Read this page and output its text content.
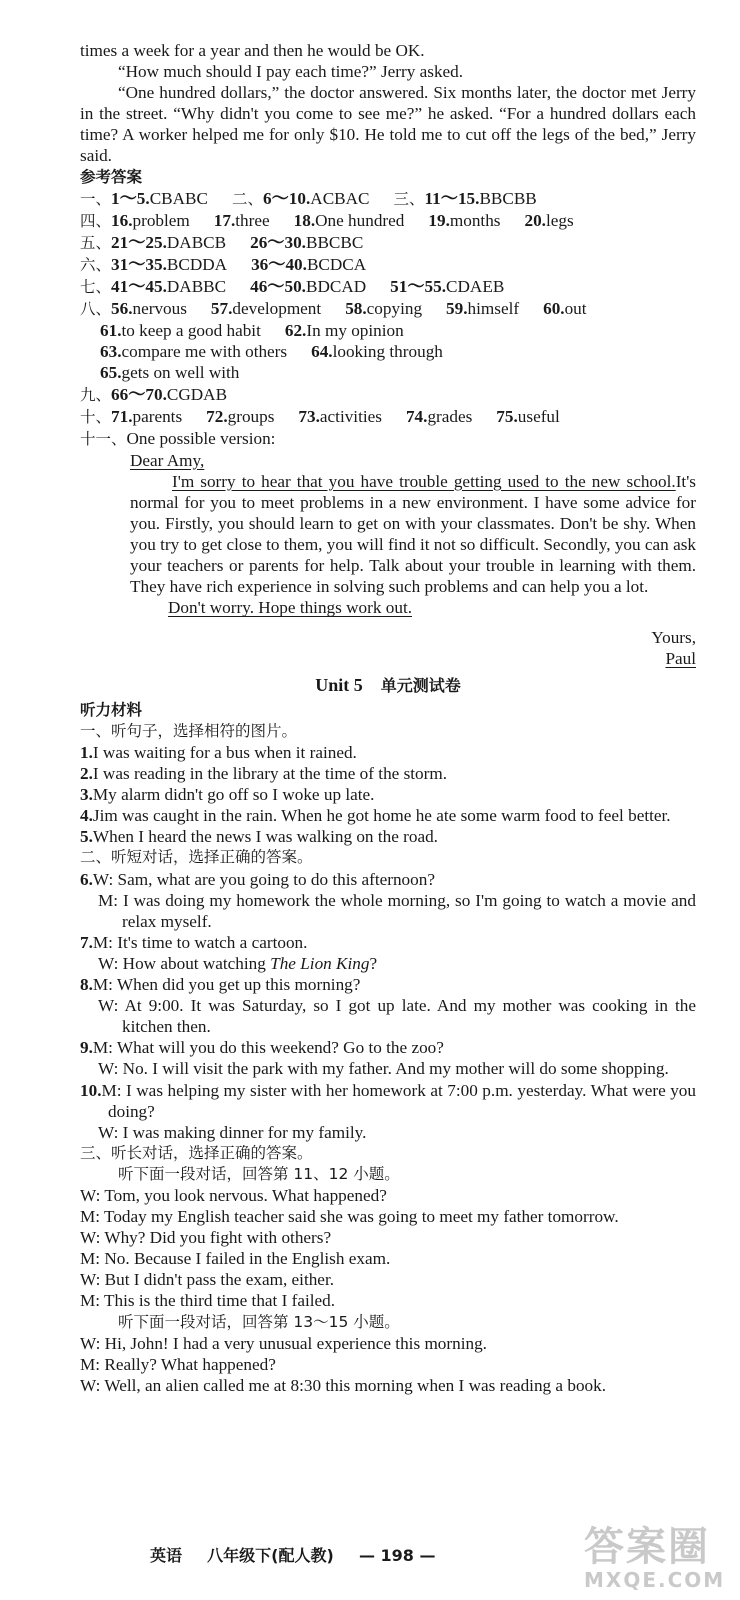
times a week for a year and then he would be OK.
“How much should I pay each time?” Jerry asked.
“One hundred dollars,” the doctor answered. Six months later, the doctor met Jerry in the street. “Why didn't you come to see me?” he asked. “For a hundred dollars each time? A worker helped me for only $10. He told me to cut off the legs of the bed,” Jerry said.
参考答案
一、1～5.CBABC 二、6～10.ACBAC 三、11～15.BBCBB
四、16.problem 17.three 18.One hundred 19.months 20.legs
五、21～25.DABCB 26～30.BBCBC
六、31～35.BCDDA 36～40.BCDCA
七、41～45.DABBC 46～50.BDCAD 51～55.CDAEB
八、56.nervous 57.development 58.copying 59.himself 60.out
61.to keep a good habit 62.In my opinion
63.compare me with others 64.looking through
65.gets on well with
九、66～70.CGDAB
十、71.parents 72.groups 73.activities 74.grades 75.useful
十一、One possible version:
Dear Amy,
I'm sorry to hear that you have trouble getting used to the new school.It's normal for you to meet problems in a new environment. I have some advice for you. Firstly, you should learn to get on with your classmates. Don't be shy. When you try to get close to them, you will find it not so difficult. Secondly, you can ask your teachers or parents for help. Talk about your trouble in learning with them. They have rich experience in solving such problems and can help you a lot.
Don't worry. Hope things work out.
Yours,
Paul
Unit 5 单元测试卷
听力材料
一、听句子，选择相符的图片。
1.I was waiting for a bus when it rained.
2.I was reading in the library at the time of the storm.
3.My alarm didn't go off so I woke up late.
4.Jim was caught in the rain. When he got home he ate some warm food to feel better.
5.When I heard the news I was walking on the road.
二、听短对话，选择正确的答案。
6.W: Sam, what are you going to do this afternoon?
M: I was doing my homework the whole morning, so I'm going to watch a movie and relax myself.
7.M: It's time to watch a cartoon.
W: How about watching The Lion King?
8.M: When did you get up this morning?
W: At 9:00. It was Saturday, so I got up late. And my mother was cooking in the kitchen then.
9.M: What will you do this weekend? Go to the zoo?
W: No. I will visit the park with my father. And my mother will do some shopping.
10.M: I was helping my sister with her homework at 7:00 p.m. yesterday. What were you doing?
W: I was making dinner for my family.
三、听长对话，选择正确的答案。
听下面一段对话，回答第 11、12 小题。
W: Tom, you look nervous. What happened?
M: Today my English teacher said she was going to meet my father tomorrow.
W: Why? Did you fight with others?
M: No. Because I failed in the English exam.
W: But I didn't pass the exam, either.
M: This is the third time that I failed.
听下面一段对话，回答第 13～15 小题。
W: Hi, John! I had a very unusual experience this morning.
M: Really? What happened?
W: Well, an alien called me at 8:30 this morning when I was reading a book.
英语 八年级下(配人教) — 198 —	答案圈
MXQE.COM
